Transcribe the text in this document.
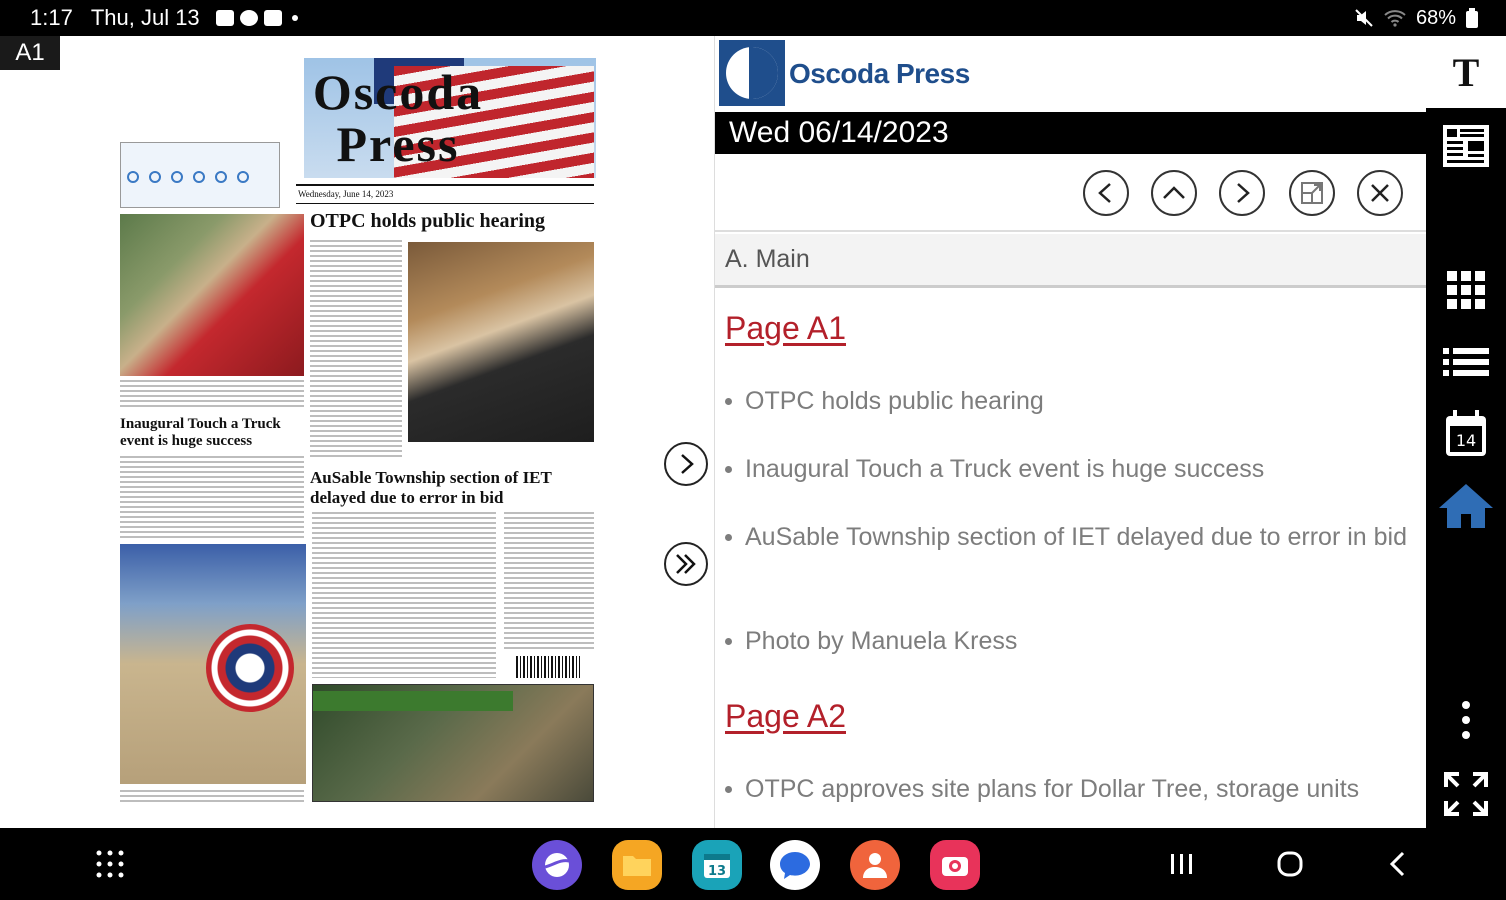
1:17 Thu, Jul 13	68%
A1
Oscoda Press
Wednesday, June 14, 2023
OTPC holds public hearing
Inaugural Touch a Truck event is huge success
AuSable Township section of IET delayed due to error in bid
Oscoda Press
Wed 06/14/2023
A. Main
Page A1
OTPC holds public hearing
Inaugural Touch a Truck event is huge success
AuSable Township section of IET delayed due to error in bid
Photo by Manuela Kress
Page A2
OTPC approves site plans for Dollar Tree, storage units
T
14
13
